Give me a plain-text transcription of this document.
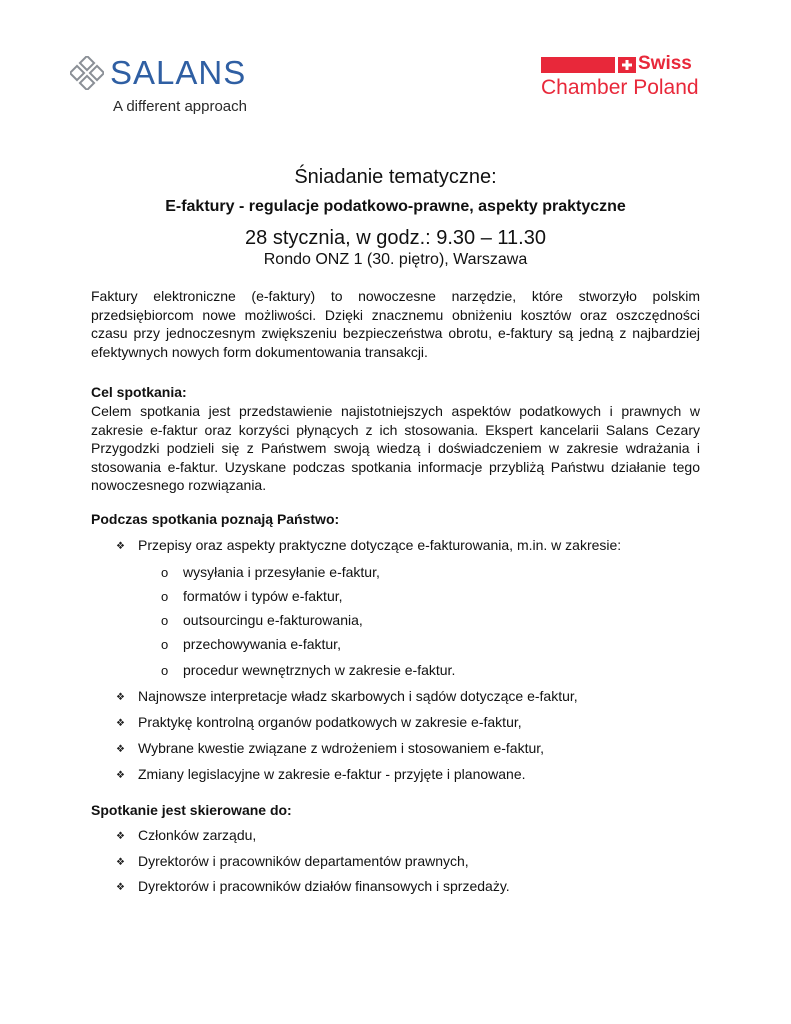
SALANS
A different approach
Swiss
Chamber Poland
Śniadanie tematyczne:
E-faktury - regulacje podatkowo-prawne, aspekty praktyczne
28 stycznia, w godz.: 9.30 – 11.30
Rondo ONZ 1 (30. piętro), Warszawa
Faktury elektroniczne (e-faktury) to nowoczesne narzędzie, które stworzyło polskim przedsiębiorcom nowe możliwości. Dzięki znacznemu obniżeniu kosztów oraz oszczędności czasu przy jednoczesnym zwiększeniu bezpieczeństwa obrotu, e-faktury są jedną z najbardziej efektywnych nowych form dokumentowania transakcji.
Cel spotkania:
Celem spotkania jest przedstawienie najistotniejszych aspektów podatkowych i prawnych w zakresie e-faktur oraz korzyści płynących z ich stosowania. Ekspert kancelarii Salans Cezary Przygodzki podzieli się z Państwem swoją wiedzą i doświadczeniem w zakresie wdrażania i stosowania e-faktur. Uzyskane podczas spotkania informacje przybliżą Państwu działanie tego nowoczesnego rozwiązania.
Podczas spotkania poznają Państwo:
❖ Przepisy oraz aspekty praktyczne dotyczące e-fakturowania, m.in. w zakresie:
o wysyłania i przesyłanie e-faktur,
o formatów i typów e-faktur,
o outsourcingu e-fakturowania,
o przechowywania e-faktur,
o procedur wewnętrznych w zakresie e-faktur.
❖ Najnowsze interpretacje władz skarbowych i sądów dotyczące e-faktur,
❖ Praktykę kontrolną organów podatkowych w zakresie e-faktur,
❖ Wybrane kwestie związane z wdrożeniem i stosowaniem e-faktur,
❖ Zmiany legislacyjne w zakresie e-faktur - przyjęte i planowane.
Spotkanie jest skierowane do:
❖ Członków zarządu,
❖ Dyrektorów i pracowników departamentów prawnych,
❖ Dyrektorów i pracowników działów finansowych i sprzedaży.
